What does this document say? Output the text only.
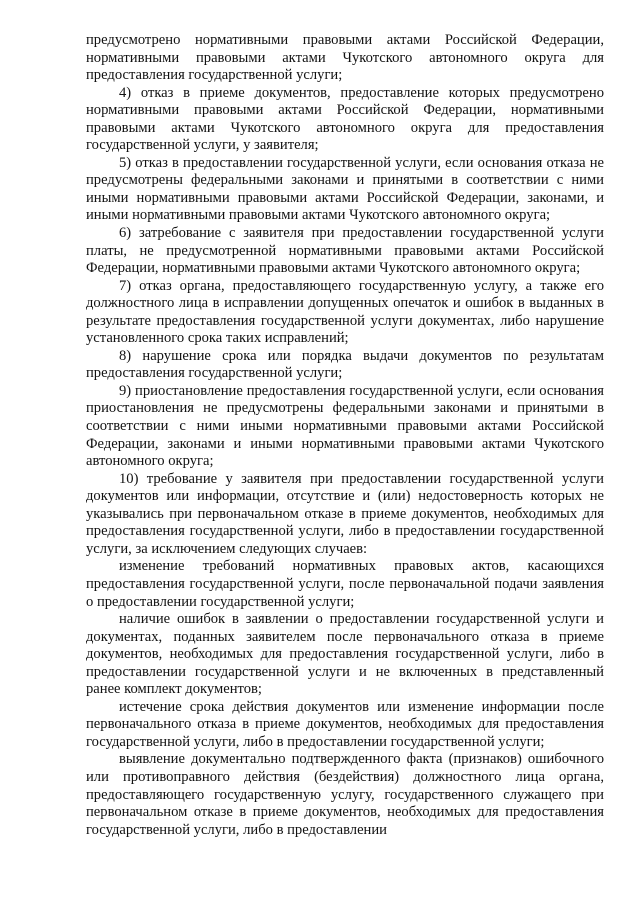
предусмотрено нормативными правовыми актами Российской Федерации, нормативными правовыми актами Чукотского автономного округа для предоставления государственной услуги;

4) отказ в приеме документов, предоставление которых предусмотрено нормативными правовыми актами Российской Федерации, нормативными правовыми актами Чукотского автономного округа для предоставления государственной услуги, у заявителя;

5) отказ в предоставлении государственной услуги, если основания отказа не предусмотрены федеральными законами и принятыми в соответствии с ними иными нормативными правовыми актами Российской Федерации, законами, и иными нормативными правовыми актами Чукотского автономного округа;

6) затребование с заявителя при предоставлении государственной услуги платы, не предусмотренной нормативными правовыми актами Российской Федерации, нормативными правовыми актами Чукотского автономного округа;

7) отказ органа, предоставляющего государственную услугу, а также его должностного лица в исправлении допущенных опечаток и ошибок в выданных в результате предоставления государственной услуги документах, либо нарушение установленного срока таких исправлений;

8) нарушение срока или порядка выдачи документов по результатам предоставления государственной услуги;

9) приостановление предоставления государственной услуги, если основания приостановления не предусмотрены федеральными законами и принятыми в соответствии с ними иными нормативными правовыми актами Российской Федерации, законами и иными нормативными правовыми актами Чукотского автономного округа;

10) требование у заявителя при предоставлении государственной услуги документов или информации, отсутствие и (или) недостоверность которых не указывались при первоначальном отказе в приеме документов, необходимых для предоставления государственной услуги, либо в предоставлении государственной услуги, за исключением следующих случаев:

изменение требований нормативных правовых актов, касающихся предоставления государственной услуги, после первоначальной подачи заявления о предоставлении государственной услуги;

наличие ошибок в заявлении о предоставлении государственной услуги и документах, поданных заявителем после первоначального отказа в приеме документов, необходимых для предоставления государственной услуги, либо в предоставлении государственной услуги и не включенных в представленный ранее комплект документов;

истечение срока действия документов или изменение информации после первоначального отказа в приеме документов, необходимых для предоставления государственной услуги, либо в предоставлении государственной услуги;

выявление документально подтвержденного факта (признаков) ошибочного или противоправного действия (бездействия) должностного лица органа, предоставляющего государственную услугу, государственного служащего при первоначальном отказе в приеме документов, необходимых для предоставления государственной услуги, либо в предоставлении
